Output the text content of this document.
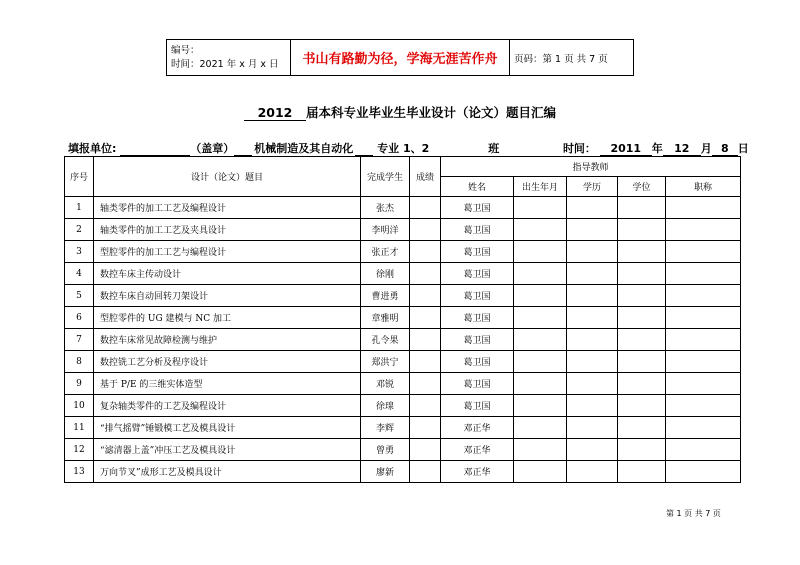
编号：
时间：2021 年 x 月 x 日	书山有路勤为径，学海无涯苦作舟	页码：第 1 页 共 7 页
2012 届本科专业毕业生毕业设计（论文）题目汇编
填报单位:	（盖章） 机械制造及其自动化 专业 1、2	班	时间： 2011 年 12 月 8 日
序号	设计（论文）题目	完成学生	成绩	指导教师				
				姓名	出生年月	学历	学位	职称
1	轴类零件的加工工艺及编程设计	张杰		葛卫国				
2	轴类零件的加工工艺及夹具设计	李明洋		葛卫国				
3	型腔零件的加工工艺与编程设计	张正才		葛卫国				
4	数控车床主传动设计	徐刚		葛卫国				
5	数控车床自动回转刀架设计	曹进勇		葛卫国				
6	型腔零件的 UG 建模与 NC 加工	章雅明		葛卫国				
7	数控车床常见故障检测与维护	孔令果		葛卫国				
8	数控铣工艺分析及程序设计	郑洪宁		葛卫国				
9	基于 P/E 的三维实体造型	邓锐		葛卫国				
10	复杂轴类零件的工艺及编程设计	徐瑔		葛卫国				
11	“排气摇臂”锤锻模工艺及模具设计	李辉		邓正华				
12	“滤清器上盖”冲压工艺及模具设计	曾勇		邓正华				
13	万向节叉”成形工艺及模具设计	廖新		邓正华				
第 1 页 共 7 页
